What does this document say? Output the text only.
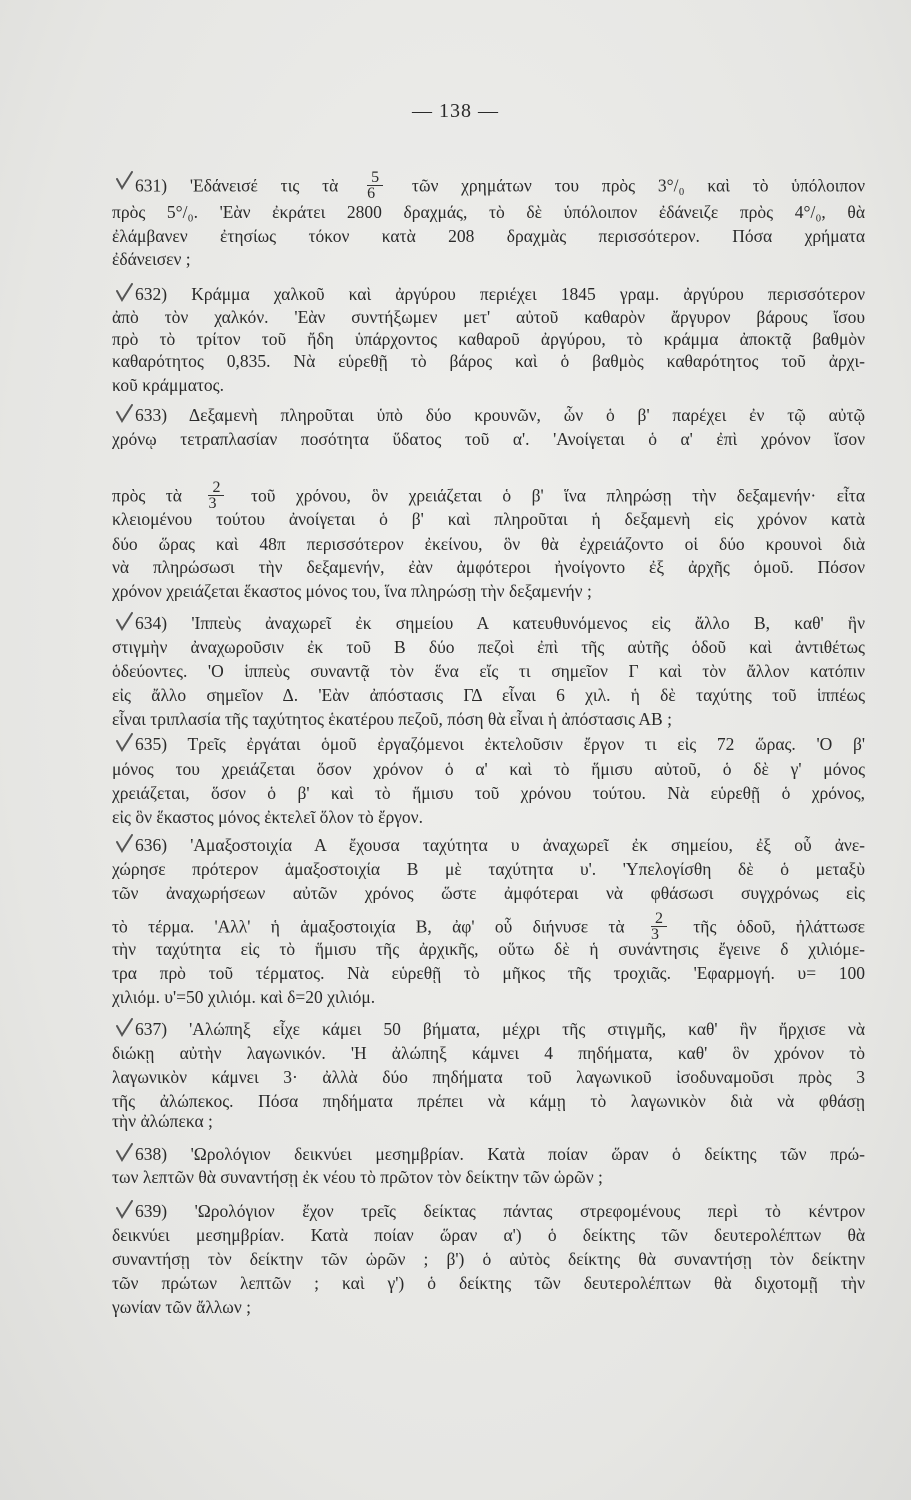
— 138 —
631) 'Εδάνεισέ τις τὰ $\frac{5}{6}$ τῶν χρημάτων του πρὸς 3°/₀ καὶ τὸ ὑπόλοιπον
πρὸς 5°/₀. 'Εὰν ἐκράτει 2800 δραχμάς, τὸ δὲ ὑπόλοιπον ἐδάνειζε πρὸς 4°/₀, θὰ
ἐλάμβανεν ἐτησίως τόκον κατὰ 208 δραχμὰς περισσότερον. Πόσα χρήματα
ἐδάνεισεν ;
632) Κράμμα χαλκοῦ καὶ ἀργύρου περιέχει 1845 γραμ. ἀργύρου περισσότερον
ἀπὸ τὸν χαλκόν. 'Εὰν συντήξωμεν μετ' αὐτοῦ καθαρὸν ἄργυρον βάρους ἴσου
πρὸ τὸ τρίτον τοῦ ἤδη ὑπάρχοντος καθαροῦ ἀργύρου, τὸ κράμμα ἀποκτᾷ βαθμὸν
καθαρότητος 0,835. Νὰ εὑρεθῇ τὸ βάρος καὶ ὁ βαθμὸς καθαρότητος τοῦ ἀρχι-
κοῦ κράμματος.
633) Δεξαμενὴ πληροῦται ὑπὸ δύο κρουνῶν, ὧν ὁ β' παρέχει ἐν τῷ αὐτῷ
χρόνῳ τετραπλασίαν ποσότητα ὕδατος τοῦ α'. 'Ανοίγεται ὁ α' ἐπὶ χρόνον ἴσον
πρὸς τὰ $\frac{2}{3}$ τοῦ χρόνου, ὃν χρειάζεται ὁ β' ἵνα πληρώσῃ τὴν δεξαμενήν· εἶτα
κλειομένου τούτου ἀνοίγεται ὁ β' καὶ πληροῦται ἡ δεξαμενὴ εἰς χρόνον κατὰ
δύο ὥρας καὶ 48π περισσότερον ἐκείνου, ὃν θὰ ἐχρειάζοντο οἱ δύο κρουνοὶ διὰ
νὰ πληρώσωσι τὴν δεξαμενήν, ἐὰν ἀμφότεροι ἠνοίγοντο ἐξ ἀρχῆς ὁμοῦ. Πόσον
χρόνον χρειάζεται ἕκαστος μόνος του, ἵνα πληρώσῃ τὴν δεξαμενήν ;
634) 'Ιππεὺς ἀναχωρεῖ ἐκ σημείου Α κατευθυνόμενος εἰς ἄλλο Β, καθ' ἣν
στιγμὴν ἀναχωροῦσιν ἐκ τοῦ Β δύο πεζοὶ ἐπὶ τῆς αὐτῆς ὁδοῦ καὶ ἀντιθέτως
ὁδεύοντες. 'Ο ἱππεὺς συναντᾷ τὸν ἕνα εἴς τι σημεῖον Γ καὶ τὸν ἄλλον κατόπιν
εἰς ἄλλο σημεῖον Δ. 'Εὰν ἀπόστασις ΓΔ εἶναι 6 χιλ. ἡ δὲ ταχύτης τοῦ ἱππέως
εἶναι τριπλασία τῆς ταχύτητος ἑκατέρου πεζοῦ, πόση θὰ εἶναι ἡ ἀπόστασις ΑΒ ;
635) Τρεῖς ἐργάται ὁμοῦ ἐργαζόμενοι ἐκτελοῦσιν ἔργον τι εἰς 72 ὥρας. 'Ο β'
μόνος του χρειάζεται ὅσον χρόνον ὁ α' καὶ τὸ ἥμισυ αὐτοῦ, ὁ δὲ γ' μόνος
χρειάζεται, ὅσον ὁ β' καὶ τὸ ἥμισυ τοῦ χρόνου τούτου. Νὰ εὑρεθῇ ὁ χρόνος,
εἰς ὃν ἕκαστος μόνος ἐκτελεῖ ὅλον τὸ ἔργον.
636) 'Αμαξοστοιχία Α ἔχουσα ταχύτητα υ ἀναχωρεῖ ἐκ σημείου, ἐξ οὗ ἀνε-
χώρησε πρότερον ἁμαξοστοιχία Β μὲ ταχύτητα υ'. 'Υπελογίσθη δὲ ὁ μεταξὺ
τῶν ἀναχωρήσεων αὐτῶν χρόνος ὥστε ἀμφότεραι νὰ φθάσωσι συγχρόνως εἰς
τὸ τέρμα. 'Αλλ' ἡ ἁμαξοστοιχία Β, ἀφ' οὗ διήνυσε τὰ $\frac{2}{3}$ τῆς ὁδοῦ, ἠλάττωσε
τὴν ταχύτητα εἰς τὸ ἥμισυ τῆς ἀρχικῆς, οὕτω δὲ ἡ συνάντησις ἔγεινε δ χιλιόμε-
τρα πρὸ τοῦ τέρματος. Νὰ εὑρεθῇ τὸ μῆκος τῆς τροχιᾶς. 'Εφαρμογή. υ= 100
χιλιόμ. υ'=50 χιλιόμ. καὶ δ=20 χιλιόμ.
637) 'Αλώπηξ εἶχε κάμει 50 βήματα, μέχρι τῆς στιγμῆς, καθ' ἣν ἤρχισε νὰ
διώκῃ αὐτὴν λαγωνικόν. 'Η ἀλώπηξ κάμνει 4 πηδήματα, καθ' ὃν χρόνον τὸ
λαγωνικὸν κάμνει 3· ἀλλὰ δύο πηδήματα τοῦ λαγωνικοῦ ἰσοδυναμοῦσι πρὸς 3
τῆς ἀλώπεκος. Πόσα πηδήματα πρέπει νὰ κάμῃ τὸ λαγωνικὸν διὰ νὰ φθάσῃ
τὴν ἀλώπεκα ;
638) 'Ωρολόγιον δεικνύει μεσημβρίαν. Κατὰ ποίαν ὥραν ὁ δείκτης τῶν πρώ-
των λεπτῶν θὰ συναντήσῃ ἐκ νέου τὸ πρῶτον τὸν δείκτην τῶν ὡρῶν ;
639) 'Ωρολόγιον ἔχον τρεῖς δείκτας πάντας στρεφομένους περὶ τὸ κέντρον
δεικνύει μεσημβρίαν. Κατὰ ποίαν ὥραν α') ὁ δείκτης τῶν δευτερολέπτων θὰ
συναντήσῃ τὸν δείκτην τῶν ὡρῶν ; β') ὁ αὐτὸς δείκτης θὰ συναντήσῃ τὸν δείκτην
τῶν πρώτων λεπτῶν ; καὶ γ') ὁ δείκτης τῶν δευτερολέπτων θὰ διχοτομῇ τὴν
γωνίαν τῶν ἄλλων ;
